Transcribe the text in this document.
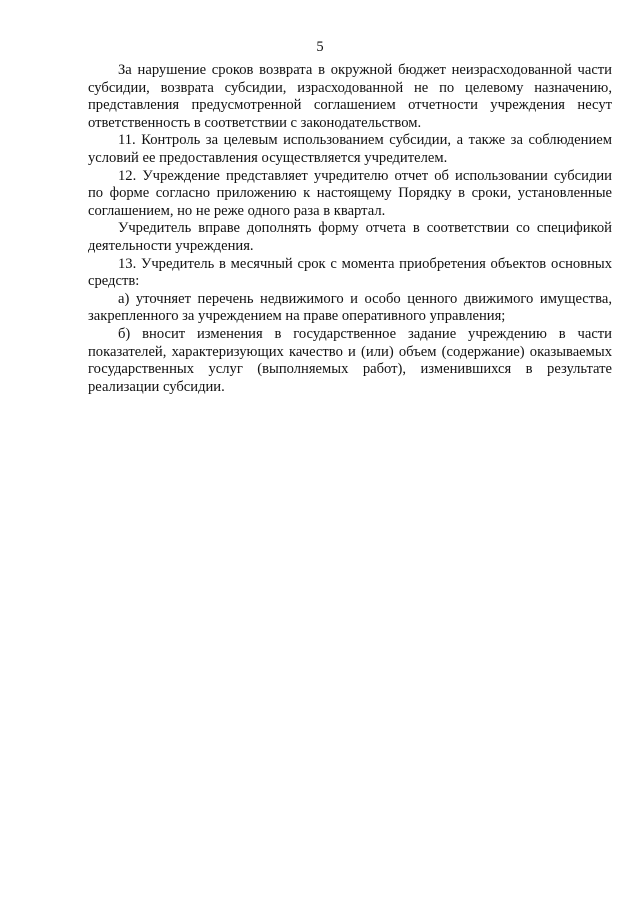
5

За нарушение сроков возврата в окружной бюджет неизрасходованной части субсидии, возврата субсидии, израсходованной не по целевому назначению, представления предусмотренной соглашением отчетности учреждения несут ответственность в соответствии с законодательством.

11. Контроль за целевым использованием субсидии, а также за соблюдением условий ее предоставления осуществляется учредителем.

12. Учреждение представляет учредителю отчет об использовании субсидии по форме согласно приложению к настоящему Порядку в сроки, установленные соглашением, но не реже одного раза в квартал.

Учредитель вправе дополнять форму отчета в соответствии со спецификой деятельности учреждения.

13. Учредитель в месячный срок с момента приобретения объектов основных средств:

а) уточняет перечень недвижимого и особо ценного движимого имущества, закрепленного за учреждением на праве оперативного управления;

б) вносит изменения в государственное задание учреждению в части показателей, характеризующих качество и (или) объем (содержание) оказываемых государственных услуг (выполняемых работ), изменившихся в результате реализации субсидии.
